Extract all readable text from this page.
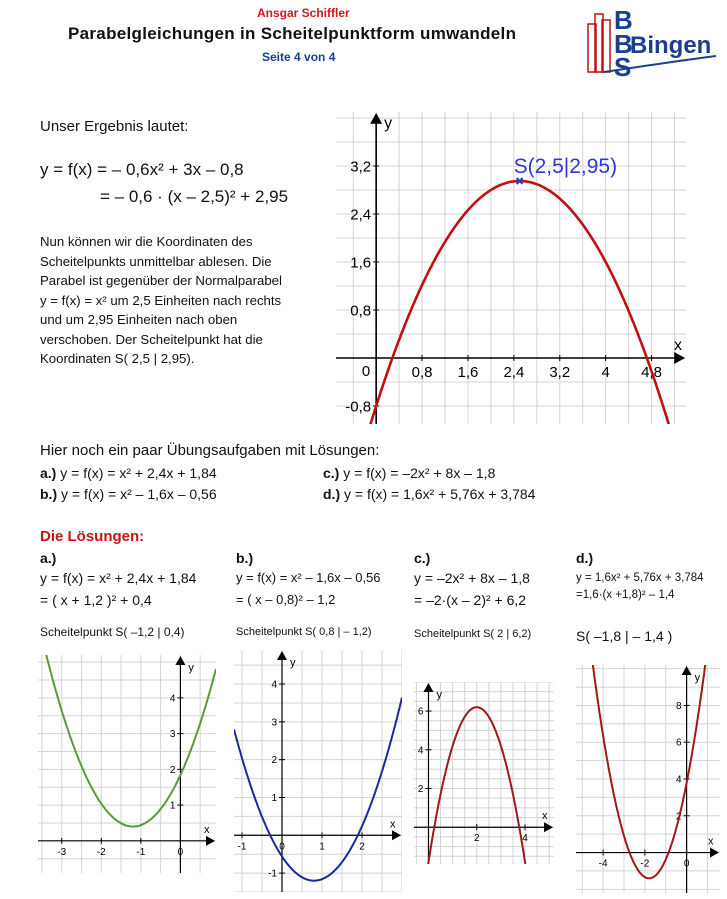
Ansgar Schiffler
Parabelgleichungen in Scheitelpunktform umwandeln
Seite 4 von 4
B
B
S
Bingen
Unser Ergebnis lautet:
y = f(x) = – 0,6x² + 3x – 0,8
= – 0,6 · (x – 2,5)² + 2,95
Nun können wir die Koordinaten des
Scheitelpunkts unmittelbar ablesen. Die
Parabel ist gegenüber der Normalparabel
y = f(x) = x² um 2,5 Einheiten nach rechts
und um 2,95 Einheiten nach oben
verschoben. Der Scheitelpunkt hat die
Koordinaten S( 2,5 | 2,95).
0,8 1,6 2,4 3,2 4 4,8
-0,8
0,8
1,6
2,4
3,2
x
y
0
S(2,5|2,95)
Hier noch ein paar Übungsaufgaben mit Lösungen:
a.) y = f(x) = x² + 2,4x + 1,84
b.) y = f(x) = x² – 1,6x – 0,56
c.) y = f(x) = –2x² + 8x – 1,8
d.) y = f(x) = 1,6x² + 5,76x + 3,784
Die Lösungen:
a.)
y = f(x) = x² + 2,4x + 1,84
= ( x + 1,2 )² + 0,4
Scheitelpunkt S( –1,2 | 0,4)
b.)
y = f(x) = x² – 1,6x – 0,56
= ( x – 0,8)² – 1,2
Scheitelpunkt S( 0,8 | – 1,2)
c.)
y = –2x² + 8x – 1,8
= –2·(x – 2)² + 6,2
Scheitelpunkt S( 2 | 6,2)
d.)
y = 1,6x² + 5,76x + 3,784
=1,6·(x +1,8)² – 1,4
S( –1,8 | – 1,4 )
-3	-2	-1	0
1
2
3
4
x
y
-1	0	1	2
-1
1
2
3
4
x
y
2	4
2
4
6
x
y
-4	-2	0
2
4
6
8
x
y
